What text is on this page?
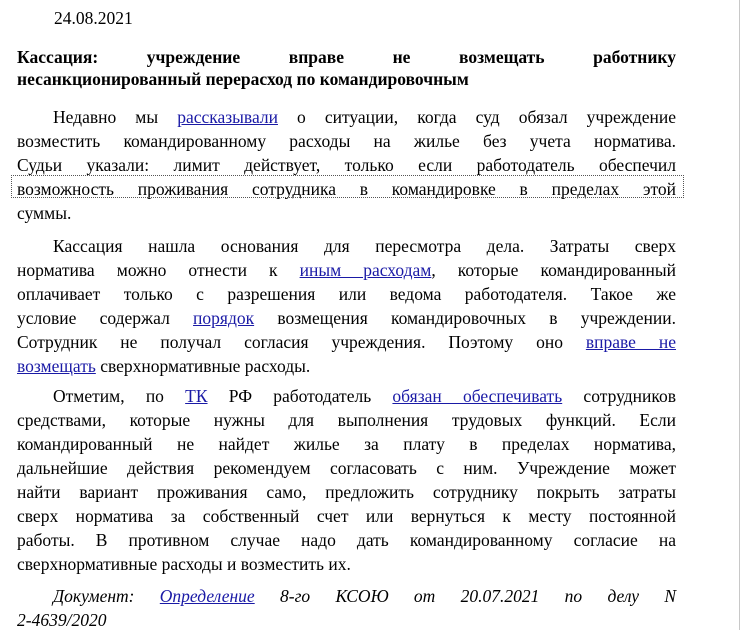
24.08.2021
Кассация: учреждение вправе не возмещать работнику
несанкционированный перерасход по командировочным
Недавно мы рассказывали о ситуации, когда суд обязал учреждение
возместить командированному расходы на жилье без учета норматива.
Судьи указали: лимит действует, только если работодатель обеспечил
возможность проживания сотрудника в командировке в пределах этой
суммы.
Кассация нашла основания для пересмотра дела. Затраты сверх
норматива можно отнести к иным расходам, которые командированный
оплачивает только с разрешения или ведома работодателя. Такое же
условие содержал порядок возмещения командировочных в учреждении.
Сотрудник не получал согласия учреждения. Поэтому оно вправе не
возмещать сверхнормативные расходы.
Отметим, по ТК РФ работодатель обязан обеспечивать сотрудников
средствами, которые нужны для выполнения трудовых функций. Если
командированный не найдет жилье за плату в пределах норматива,
дальнейшие действия рекомендуем согласовать с ним. Учреждение может
найти вариант проживания само, предложить сотруднику покрыть затраты
сверх норматива за собственный счет или вернуться к месту постоянной
работы. В противном случае надо дать командированному согласие на
сверхнормативные расходы и возместить их.
Документ: Определение 8-го КСОЮ от 20.07.2021 по делу N
2-4639/2020
